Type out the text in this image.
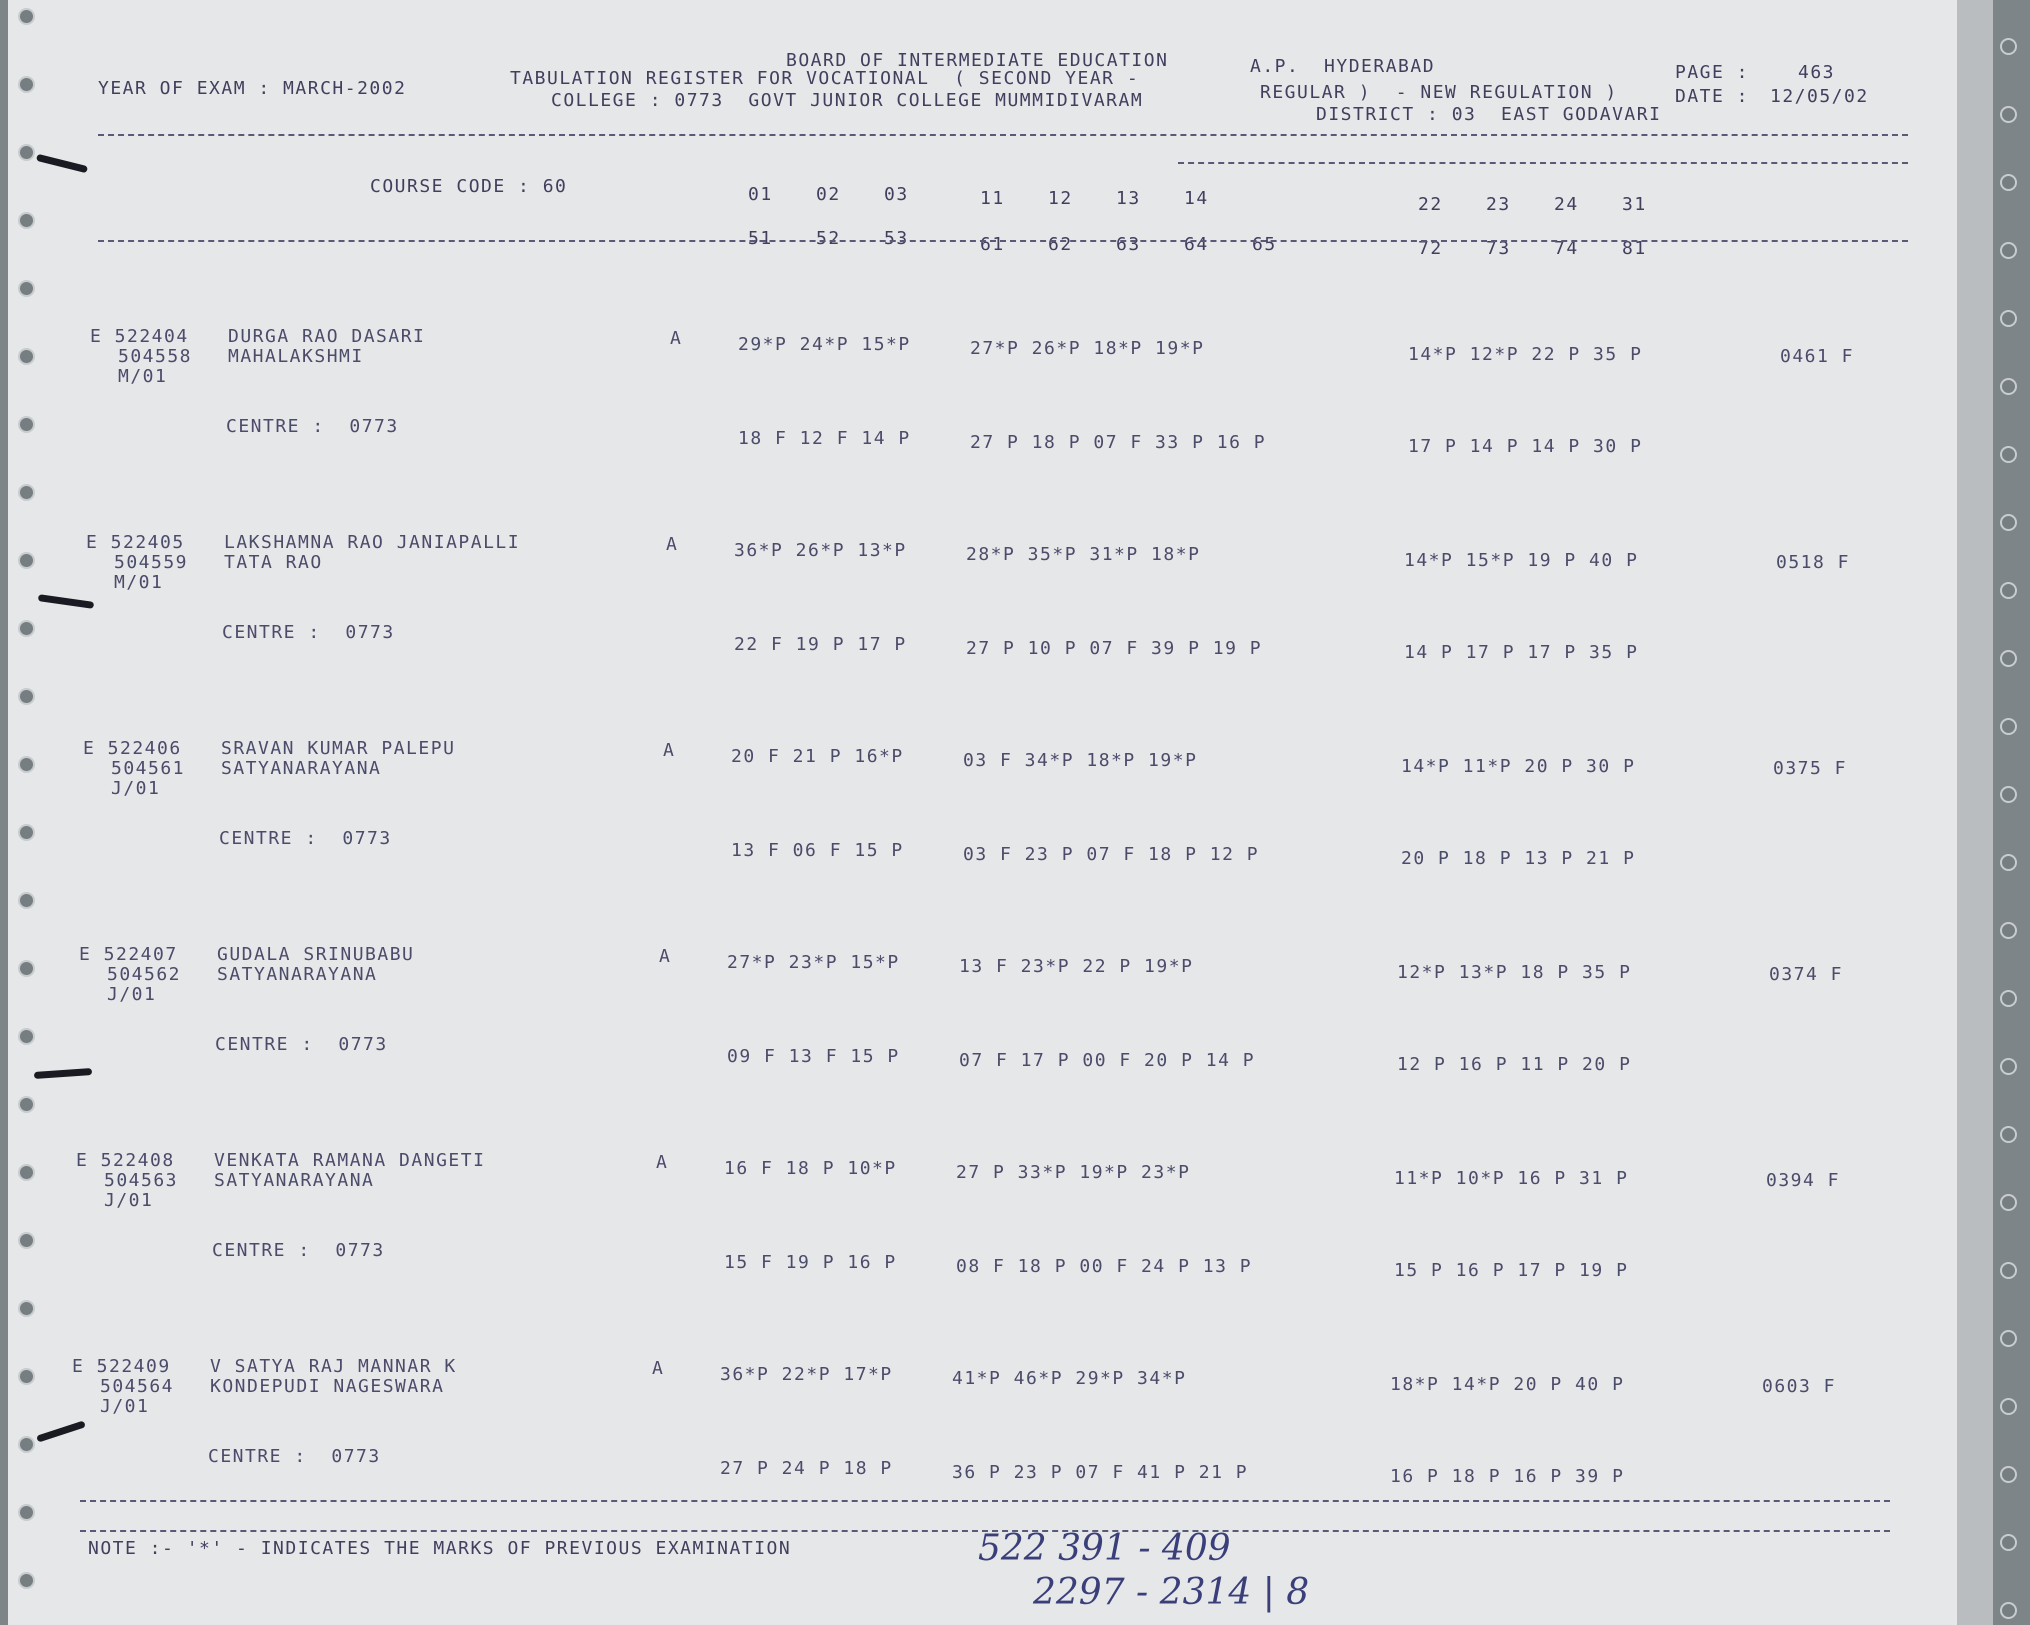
YEAR OF EXAM : MARCH-2002
BOARD OF INTERMEDIATE EDUCATION	A.P.  HYDERABAD
TABULATION REGISTER FOR VOCATIONAL  ( SECOND YEAR -
REGULAR )  - NEW REGULATION )
COLLEGE : 0773  GOVT JUNIOR COLLEGE MUMMIDIVARAM
DISTRICT : 03  EAST GODAVARI
PAGE :	463
DATE : 12/05/02
COURSE CODE : 60	01 02 03	11 12 13 14	22 23 24 31
51 52 53	61 62 63 64 65	72 73 74 81
E 522404
504558
M/01
DURGA RAO DASARI
MAHALAKSHMI
A	29*P 24*P 15*P	27*P 26*P 18*P 19*P	14*P 12*P 22 P 35 P	0461 F
CENTRE :  0773
18 F 12 F 14 P	27 P 18 P 07 F 33 P 16 P	17 P 14 P 14 P 30 P
E 522405
504559
M/01
LAKSHAMNA RAO JANIAPALLI
TATA RAO
A	36*P 26*P 13*P	28*P 35*P 31*P 18*P	14*P 15*P 19 P 40 P	0518 F
CENTRE :  0773
22 F 19 P 17 P	27 P 10 P 07 F 39 P 19 P	14 P 17 P 17 P 35 P
E 522406
504561
J/01
SRAVAN KUMAR PALEPU
SATYANARAYANA
A	20 F 21 P 16*P	03 F 34*P 18*P 19*P	14*P 11*P 20 P 30 P	0375 F
CENTRE :  0773
13 F 06 F 15 P	03 F 23 P 07 F 18 P 12 P	20 P 18 P 13 P 21 P
E 522407
504562
J/01
GUDALA SRINUBABU
SATYANARAYANA
A	27*P 23*P 15*P	13 F 23*P 22 P 19*P	12*P 13*P 18 P 35 P	0374 F
CENTRE :  0773
09 F 13 F 15 P	07 F 17 P 00 F 20 P 14 P	12 P 16 P 11 P 20 P
E 522408
504563
J/01
VENKATA RAMANA DANGETI
SATYANARAYANA
A	16 F 18 P 10*P	27 P 33*P 19*P 23*P	11*P 10*P 16 P 31 P	0394 F
CENTRE :  0773
15 F 19 P 16 P	08 F 18 P 00 F 24 P 13 P	15 P 16 P 17 P 19 P
E 522409
504564
J/01
V SATYA RAJ MANNAR K
KONDEPUDI NAGESWARA
A	36*P 22*P 17*P	41*P 46*P 29*P 34*P	18*P 14*P 20 P 40 P	0603 F
CENTRE :  0773
27 P 24 P 18 P	36 P 23 P 07 F 41 P 21 P	16 P 18 P 16 P 39 P
NOTE :- '*' - INDICATES THE MARKS OF PREVIOUS EXAMINATION	522 391 - 409
2297 - 2314 | 8
